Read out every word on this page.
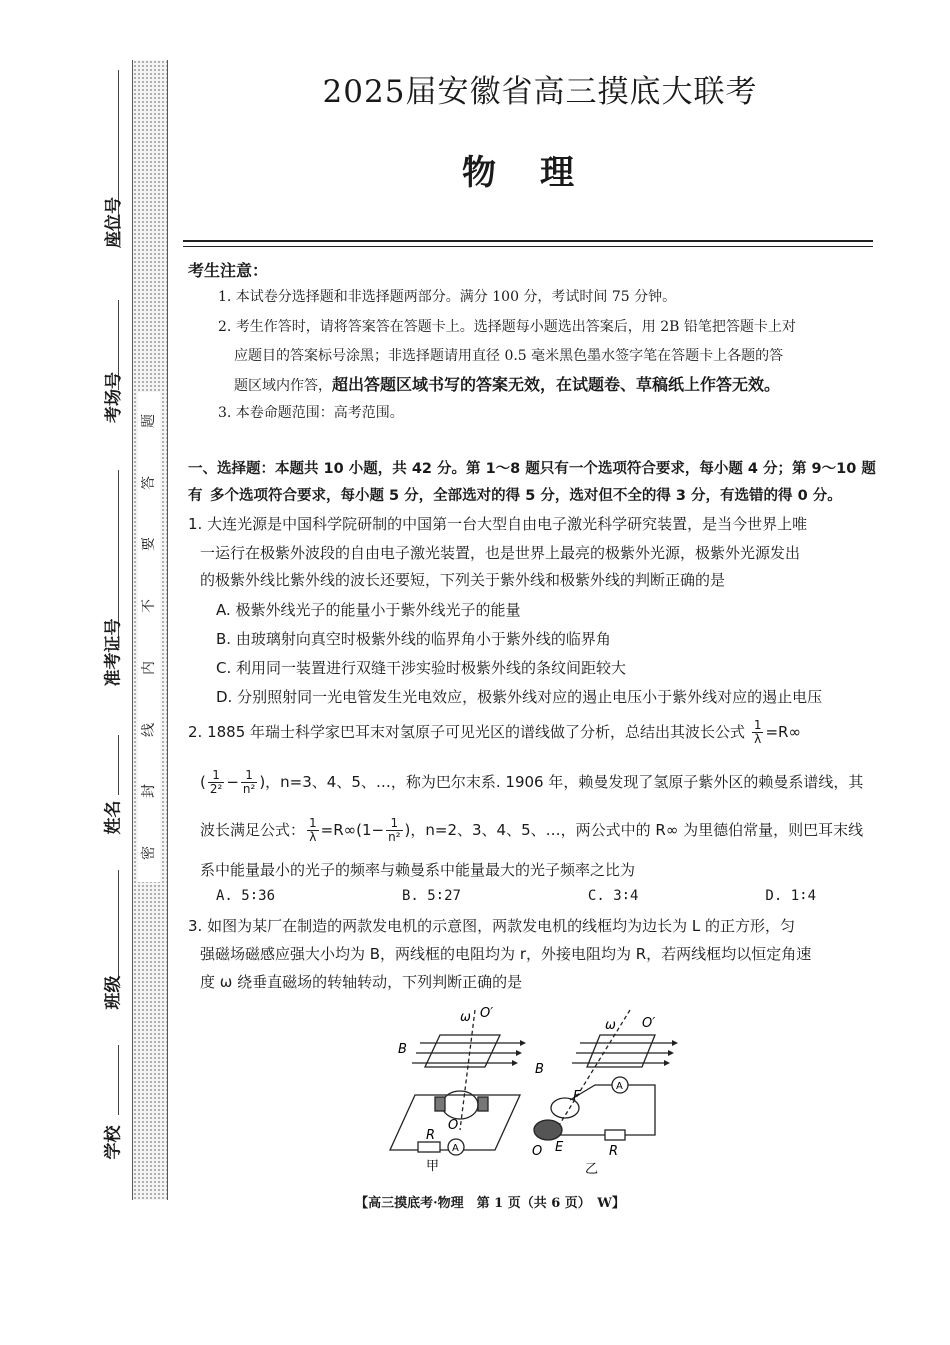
题
答
要
不
内
线
封
密
座位号
考场号
准考证号
姓名
班级
学校
2025届安徽省高三摸底大联考
物理
考生注意：
1. 本试卷分选择题和非选择题两部分。满分 100 分，考试时间 75 分钟。
2. 考生作答时，请将答案答在答题卡上。选择题每小题选出答案后，用 2B 铅笔把答题卡上对
应题目的答案标号涂黑；非选择题请用直径 0.5 毫米黑色墨水签字笔在答题卡上各题的答
题区域内作答，超出答题区域书写的答案无效，在试题卷、草稿纸上作答无效。
3. 本卷命题范围：高考范围。
一、选择题：本题共 10 小题，共 42 分。第 1～8 题只有一个选项符合要求，每小题 4 分；第 9～10 题有 多个选项符合要求，每小题 5 分，全部选对的得 5 分，选对但不全的得 3 分，有选错的得 0 分。
1. 大连光源是中国科学院研制的中国第一台大型自由电子激光科学研究装置，是当今世界上唯
一运行在极紫外波段的自由电子激光装置，也是世界上最亮的极紫外光源，极紫外光源发出
的极紫外线比紫外线的波长还要短，下列关于紫外线和极紫外线的判断正确的是
A. 极紫外线光子的能量小于紫外线光子的能量
B. 由玻璃射向真空时极紫外线的临界角小于紫外线的临界角
C. 利用同一装置进行双缝干涉实验时极紫外线的条纹间距较大
D. 分别照射同一光电管发生光电效应，极紫外线对应的遏止电压小于紫外线对应的遏止电压
2. 1885 年瑞士科学家巴耳末对氢原子可见光区的谱线做了分析，总结出其波长公式 $\frac{1}{\lambda} =R\infty$
( $\frac{1}{\text{2²}} - \frac{1}{\text{n²}}$ )，n=3、4、5、…，称为巴尔末系. 1906 年，赖曼发现了氢原子紫外区的赖曼系谱线，其
波长满足公式： $\frac{1}{\lambda} =R\infty(1- \frac{1}{\text{n²}}$ )，n=2、3、4、5、…，两公式中的 R∞ 为里德伯常量，则巴耳末线
系中能量最小的光子的频率与赖曼系中能量最大的光子频率之比为
A. 5∶36	B. 5∶27	C. 3∶4	D. 1∶4
3. 如图为某厂在制造的两款发电机的示意图，两款发电机的线框均为边长为 L 的正方形，匀
强磁场磁感应强大小均为 B，两线框的电阻均为 r，外接电阻均为 R，若两线框均以恒定角速
度 ω 绕垂直磁场的转轴转动，下列判断正确的是
ω O′
B
O
R
A
甲
ω O′
B
F
E
O	R
A
乙
【高三摸底考·物理　第 1 页（共 6 页）　W】
